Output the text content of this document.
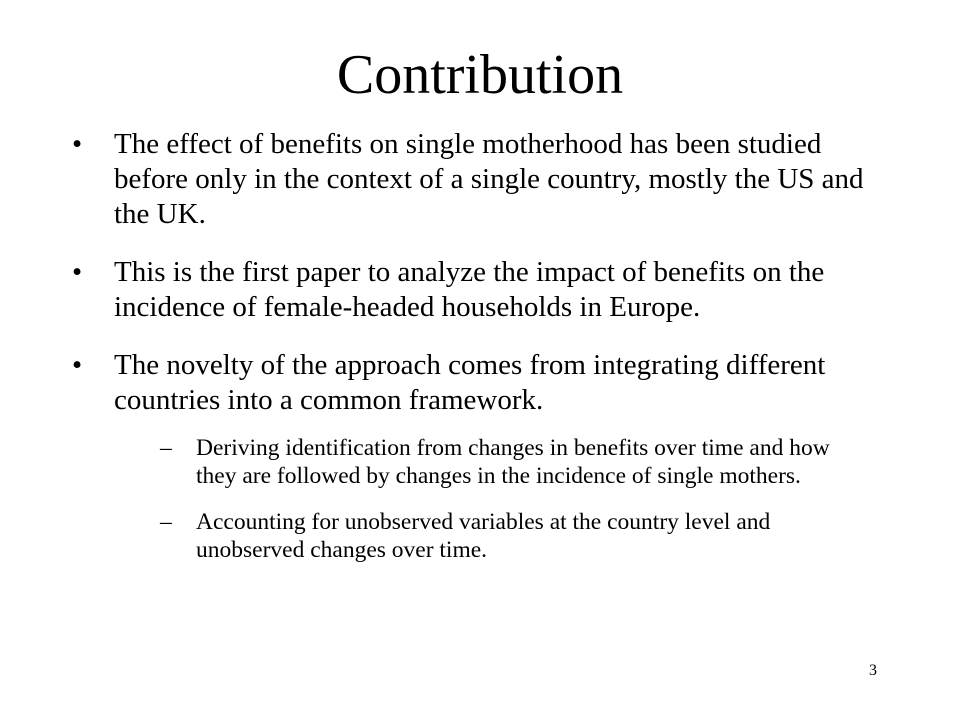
Contribution
•	The effect of benefits on single motherhood has been studied before only in the context of a single country, mostly the US and the UK.
•	This is the first paper to analyze the impact of benefits on the incidence of female-headed households in Europe.
•	The novelty of the approach comes from integrating different countries into a common framework.
– Deriving identification from changes in benefits over time and how they are followed by changes in the incidence of single mothers.
– Accounting for unobserved variables at the country level and unobserved changes over time.
3
